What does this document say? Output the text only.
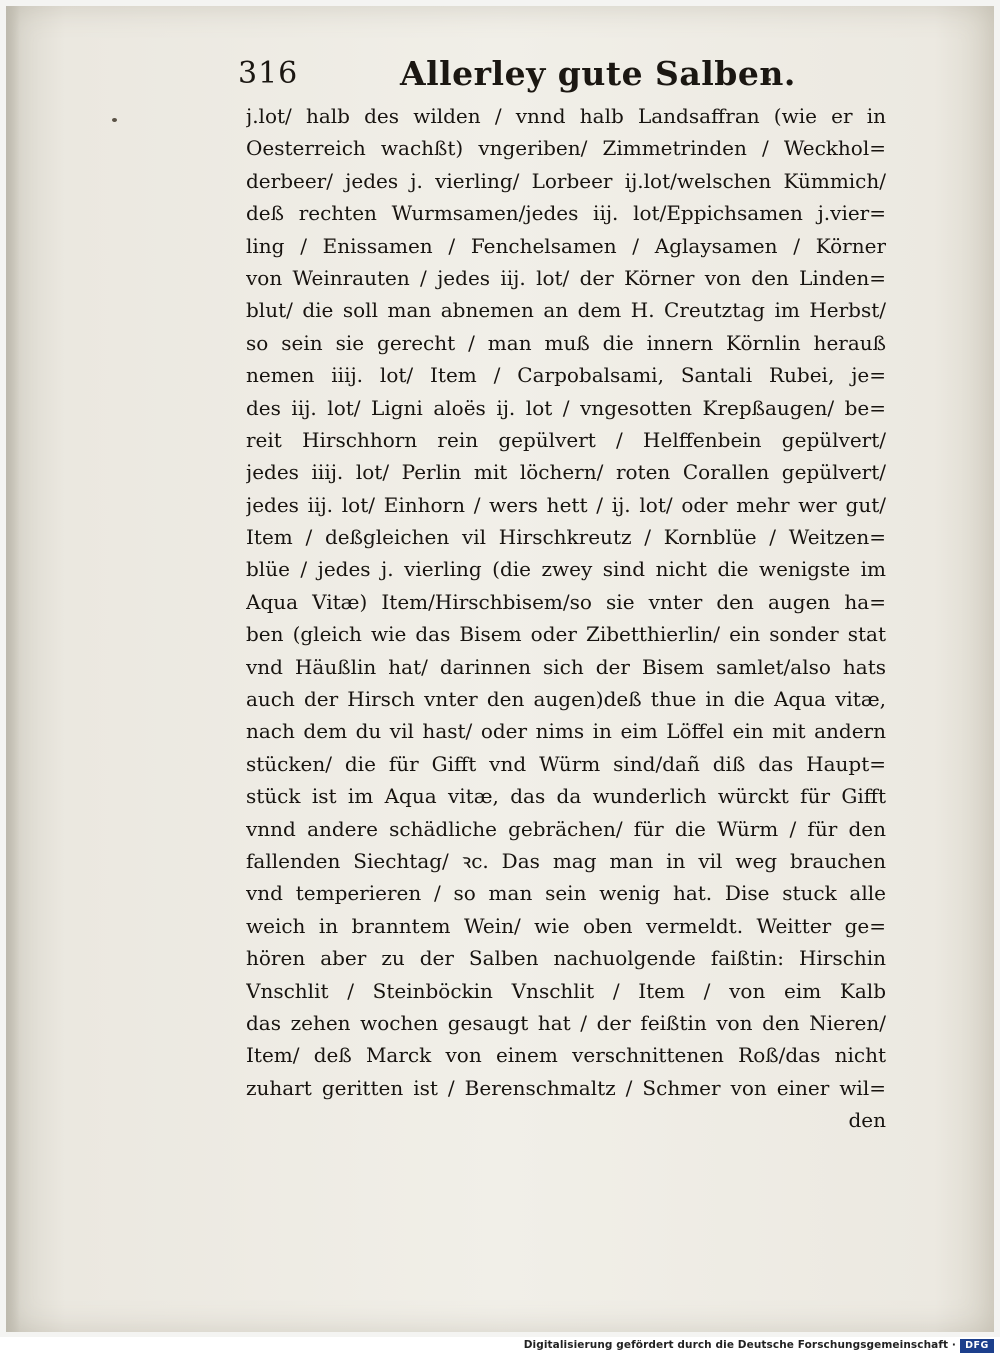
316	Allerley gute Salben.
j.lot/ halb des wilden / vnnd halb Landsaffran (wie er in
Oesterreich wachßt) vngeriben/ Zimmetrinden / Weckhol=
derbeer/ jedes j. vierling/ Lorbeer ij.lot/welschen Kümmich/
deß rechten Wurmsamen/jedes iij. lot/Eppichsamen j.vier=
ling / Enissamen / Fenchelsamen / Aglaysamen / Körner
von Weinrauten / jedes iij. lot/ der Körner von den Linden=
blut/ die soll man abnemen an dem H. Creutztag im Herbst/
so sein sie gerecht / man muß die innern Körnlin herauß
nemen iiij. lot/ Item / Carpobalsami, Santali Rubei, je=
des iij. lot/ Ligni aloës ij. lot / vngesotten Krepßaugen/ be=
reit Hirschhorn rein gepülvert / Helffenbein gepülvert/
jedes iiij. lot/ Perlin mit löchern/ roten Corallen gepülvert/
jedes iij. lot/ Einhorn / wers hett / ij. lot/ oder mehr wer gut/
Item / deßgleichen vil Hirschkreutz / Kornblüe / Weitzen=
blüe / jedes j. vierling (die zwey sind nicht die wenigste im
Aqua Vitæ) Item/Hirschbisem/so sie vnter den augen ha=
ben (gleich wie das Bisem oder Zibetthierlin/ ein sonder stat
vnd Häußlin hat/ darinnen sich der Bisem samlet/also hats
auch der Hirsch vnter den augen)deß thue in die Aqua vitæ,
nach dem du vil hast/ oder nims in eim Löffel ein mit andern
stücken/ die für Gifft vnd Würm sind/dañ diß das Haupt=
stück ist im Aqua vitæ, das da wunderlich würckt für Gifft
vnnd andere schädliche gebrächen/ für die Würm / für den
fallenden Siechtag/ ꝛc. Das mag man in vil weg brauchen
vnd temperieren / so man sein wenig hat. Dise stuck alle
weich in branntem Wein/ wie oben vermeldt. Weitter ge=
hören aber zu der Salben nachuolgende faißtin: Hirschin
Vnschlit / Steinböckin Vnschlit / Item / von eim Kalb
das zehen wochen gesaugt hat / der feißtin von den Nieren/
Item/ deß Marck von einem verschnittenen Roß/das nicht
zuhart geritten ist / Berenschmaltz / Schmer von einer wil=
den
Digitalisierung gefördert durch die Deutsche Forschungsgemeinschaft · DFG
